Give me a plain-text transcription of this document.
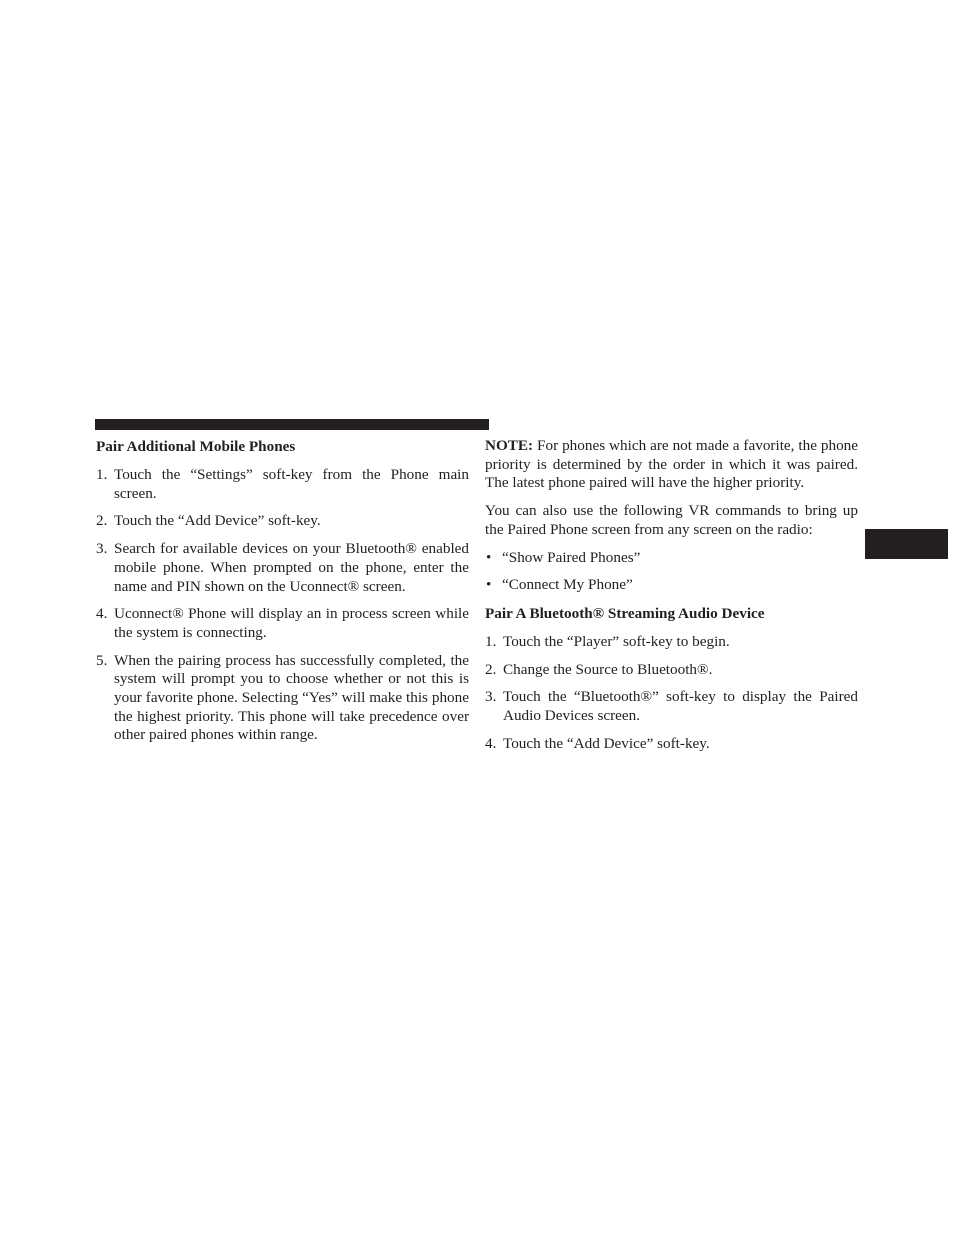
Pair Additional Mobile Phones
1. Touch the “Settings” soft-key from the Phone main screen.
2. Touch the “Add Device” soft-key.
3. Search for available devices on your Bluetooth® enabled mobile phone. When prompted on the phone, enter the name and PIN shown on the Uconnect® screen.
4. Uconnect® Phone will display an in process screen while the system is connecting.
5. When the pairing process has successfully completed, the system will prompt you to choose whether or not this is your favorite phone. Selecting “Yes” will make this phone the highest priority. This phone will take precedence over other paired phones within range.
NOTE: For phones which are not made a favorite, the phone priority is determined by the order in which it was paired. The latest phone paired will have the higher priority.
You can also use the following VR commands to bring up the Paired Phone screen from any screen on the radio:
• “Show Paired Phones”
• “Connect My Phone”
Pair A Bluetooth® Streaming Audio Device
1. Touch the “Player” soft-key to begin.
2. Change the Source to Bluetooth®.
3. Touch the “Bluetooth®” soft-key to display the Paired Audio Devices screen.
4. Touch the “Add Device” soft-key.
